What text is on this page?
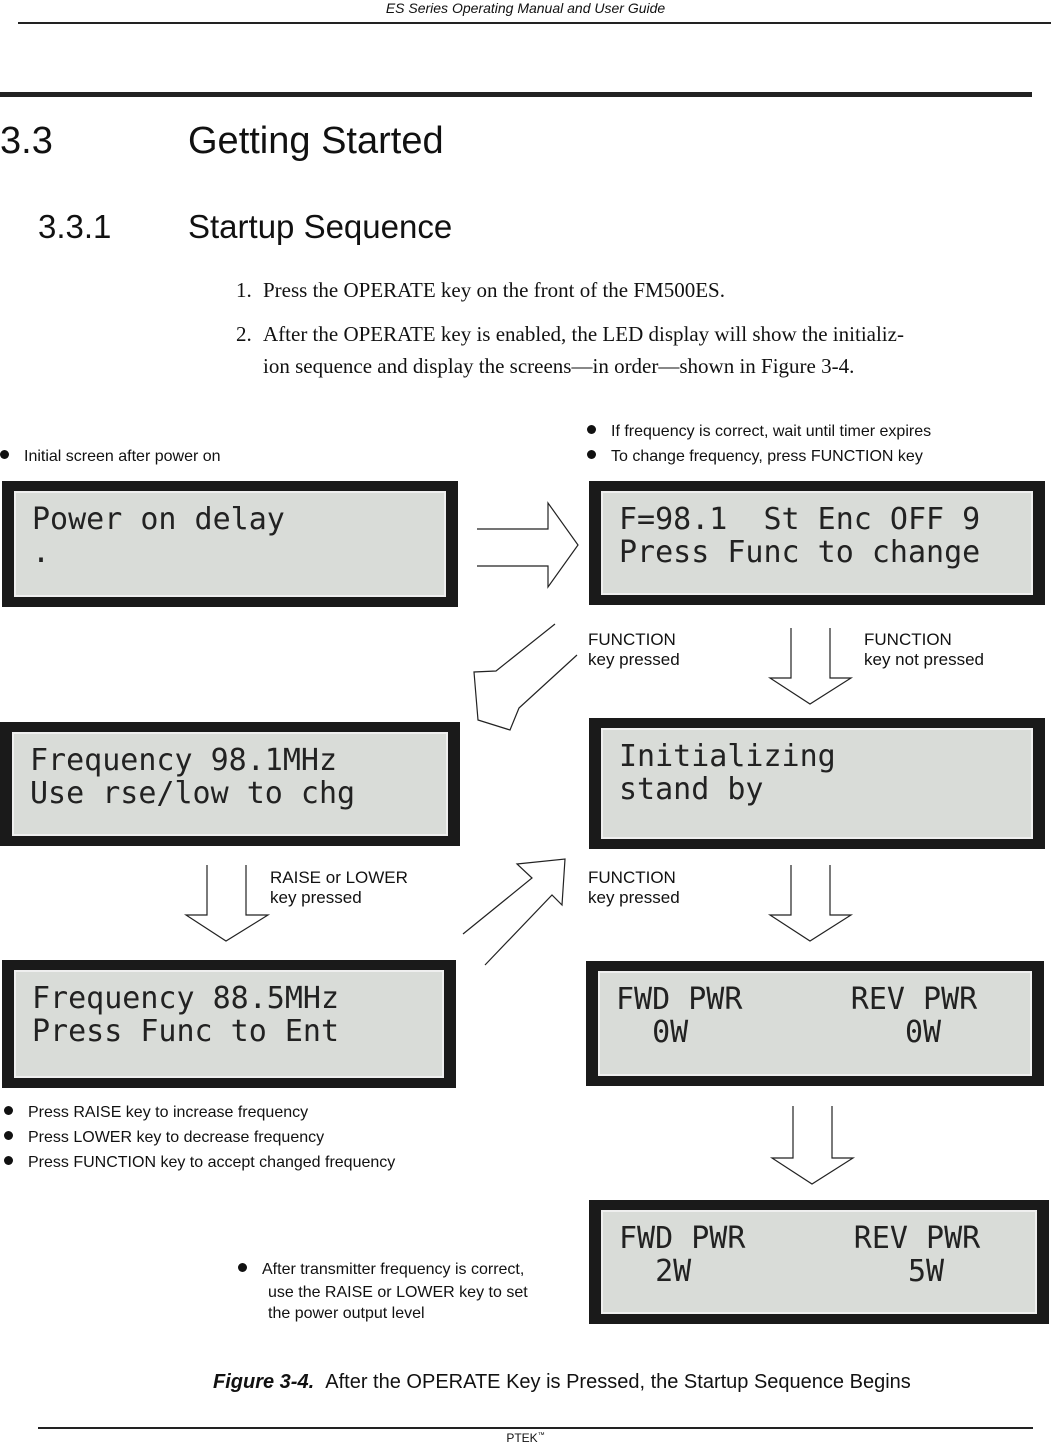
ES Series Operating Manual and User Guide
3.3	Getting Started
3.3.1 Startup Sequence
1. Press the OPERATE key on the front of the FM500ES.
2. After the OPERATE key is enabled, the LED display will show the initializ-
ion sequence and display the screens—in order—shown in Figure 3-4.
Initial screen after power on
If frequency is correct, wait until timer expires
To change frequency, press FUNCTION key
Press RAISE key to increase frequency
Press LOWER key to decrease frequency
Press FUNCTION key to accept changed frequency
After transmitter frequency is correct,
use the RAISE or LOWER key to set
the power output level
FUNCTION
key pressed
FUNCTION
key not pressed
RAISE or LOWER
key pressed
FUNCTION
key pressed
Power on delay
.
F=98.1  St Enc OFF 9
Press Func to change
Frequency 98.1MHz
Use rse/low to chg
Initializing
stand by
Frequency 88.5MHz
Press Func to Ent
FWD PWR      REV PWR
0W            0W
FWD PWR      REV PWR
2W            5W
Figure 3-4. After the OPERATE Key is Pressed, the Startup Sequence Begins
PTEK™
